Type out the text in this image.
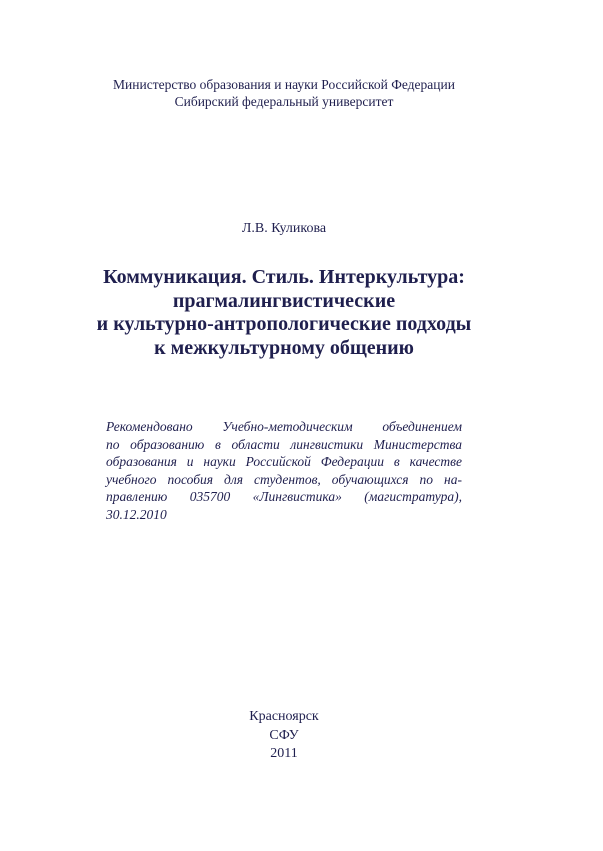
Министерство образования и науки Российской Федерации
Сибирский федеральный университет
Л.В. Куликова
Коммуникация. Стиль. Интеркультура:
прагмалингвистические
и культурно-антропологические подходы
к межкультурному общению
Рекомендовано Учебно-методическим объединением
по образованию в области лингвистики Министерства
образования и науки Российской Федерации в качестве
учебного пособия для студентов, обучающихся по на-
правлению 035700 «Лингвистика» (магистратура),
30.12.2010
Красноярск
СФУ
2011
